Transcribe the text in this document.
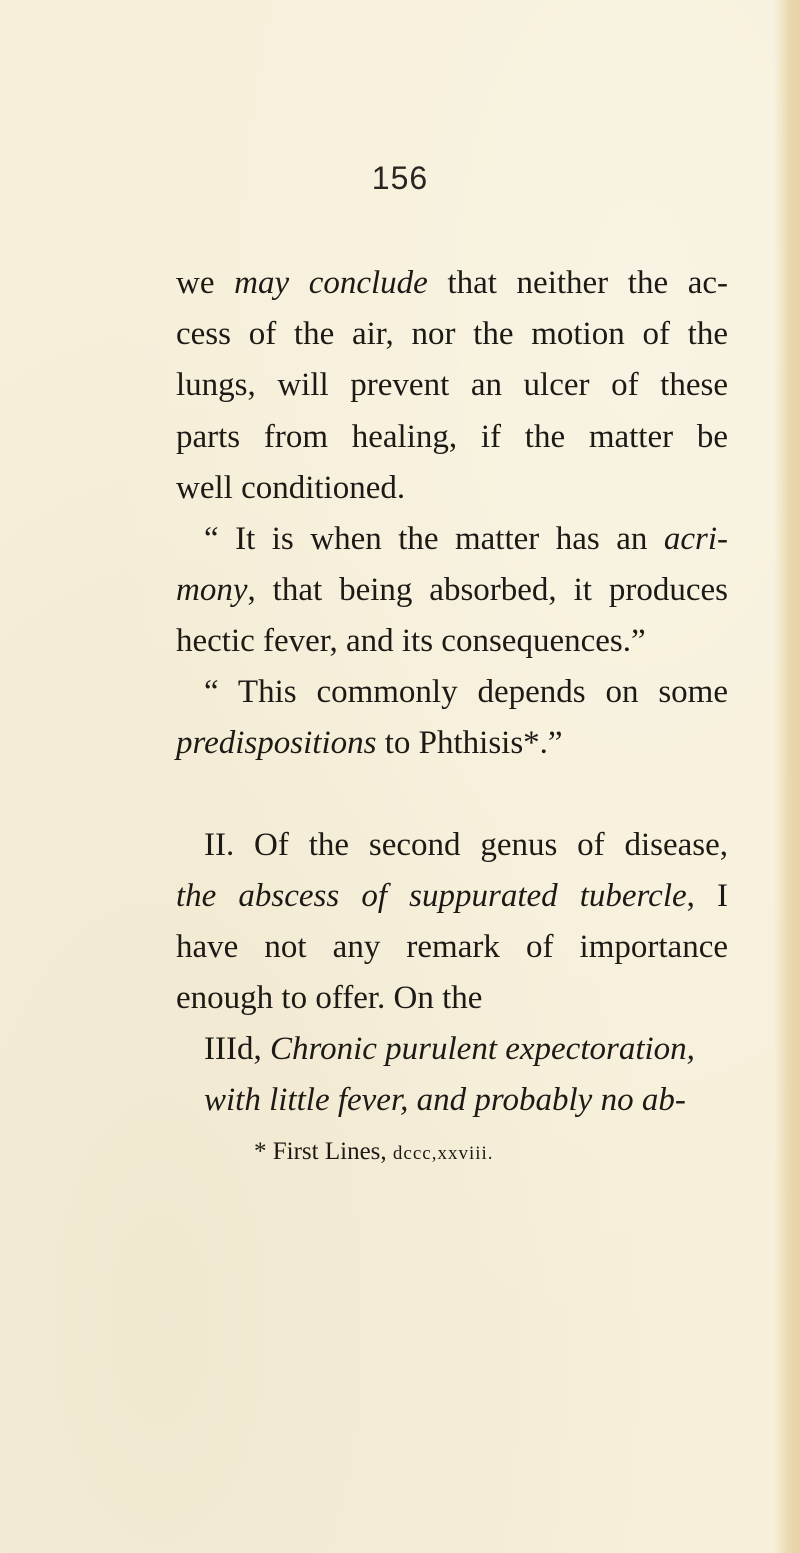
156
we may conclude that neither the ac-
cess of the air, nor the motion of the
lungs, will prevent an ulcer of these
parts from healing, if the matter be
well conditioned.
“ It is when the matter has an acri-
mony, that being absorbed, it produces
hectic fever, and its consequences.”
“ This commonly depends on some
predispositions to Phthisis*.”
II. Of the second genus of disease,
the abscess of suppurated tubercle, I
have not any remark of importance
enough to offer. On the
IIId, Chronic purulent expectoration,
with little fever, and probably no ab-
* First Lines, dccc,xxviii.
